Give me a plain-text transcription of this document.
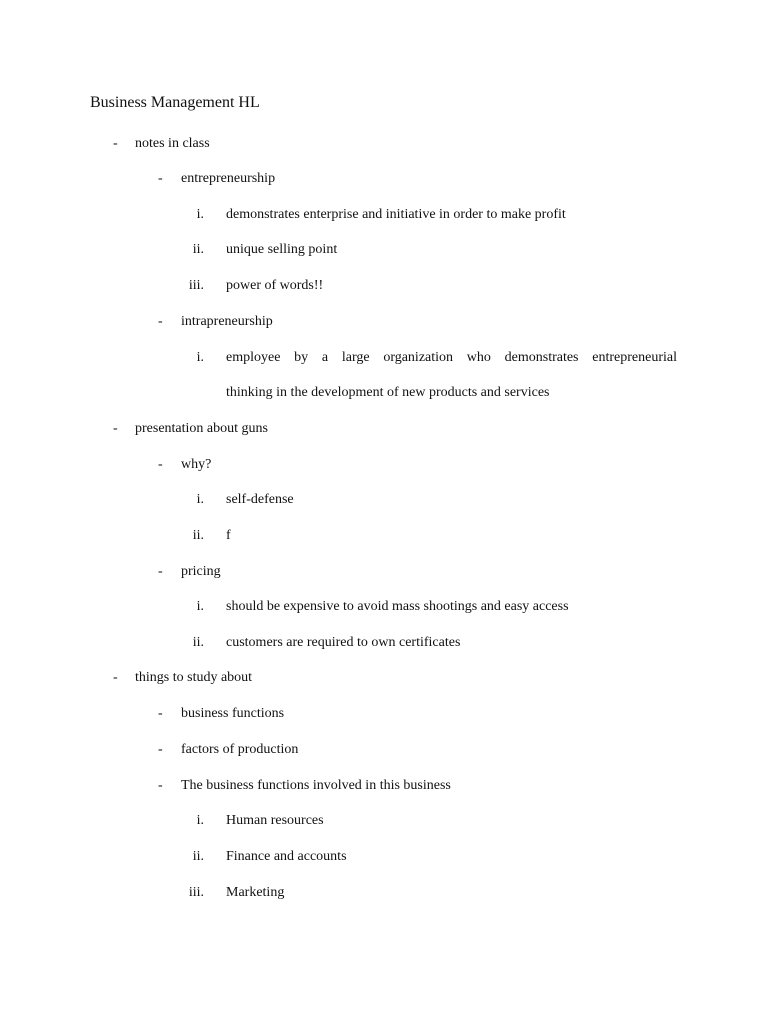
Business Management HL
- notes in class
- entrepreneurship
i. demonstrates enterprise and initiative in order to make profit
ii. unique selling point
iii. power of words!!
- intrapreneurship
i. employee by a large organization who demonstrates entrepreneurial
thinking in the development of new products and services
- presentation about guns
- why?
i. self-defense
ii. f
- pricing
i. should be expensive to avoid mass shootings and easy access
ii. customers are required to own certificates
- things to study about
- business functions
- factors of production
- The business functions involved in this business
i. Human resources
ii. Finance and accounts
iii. Marketing
